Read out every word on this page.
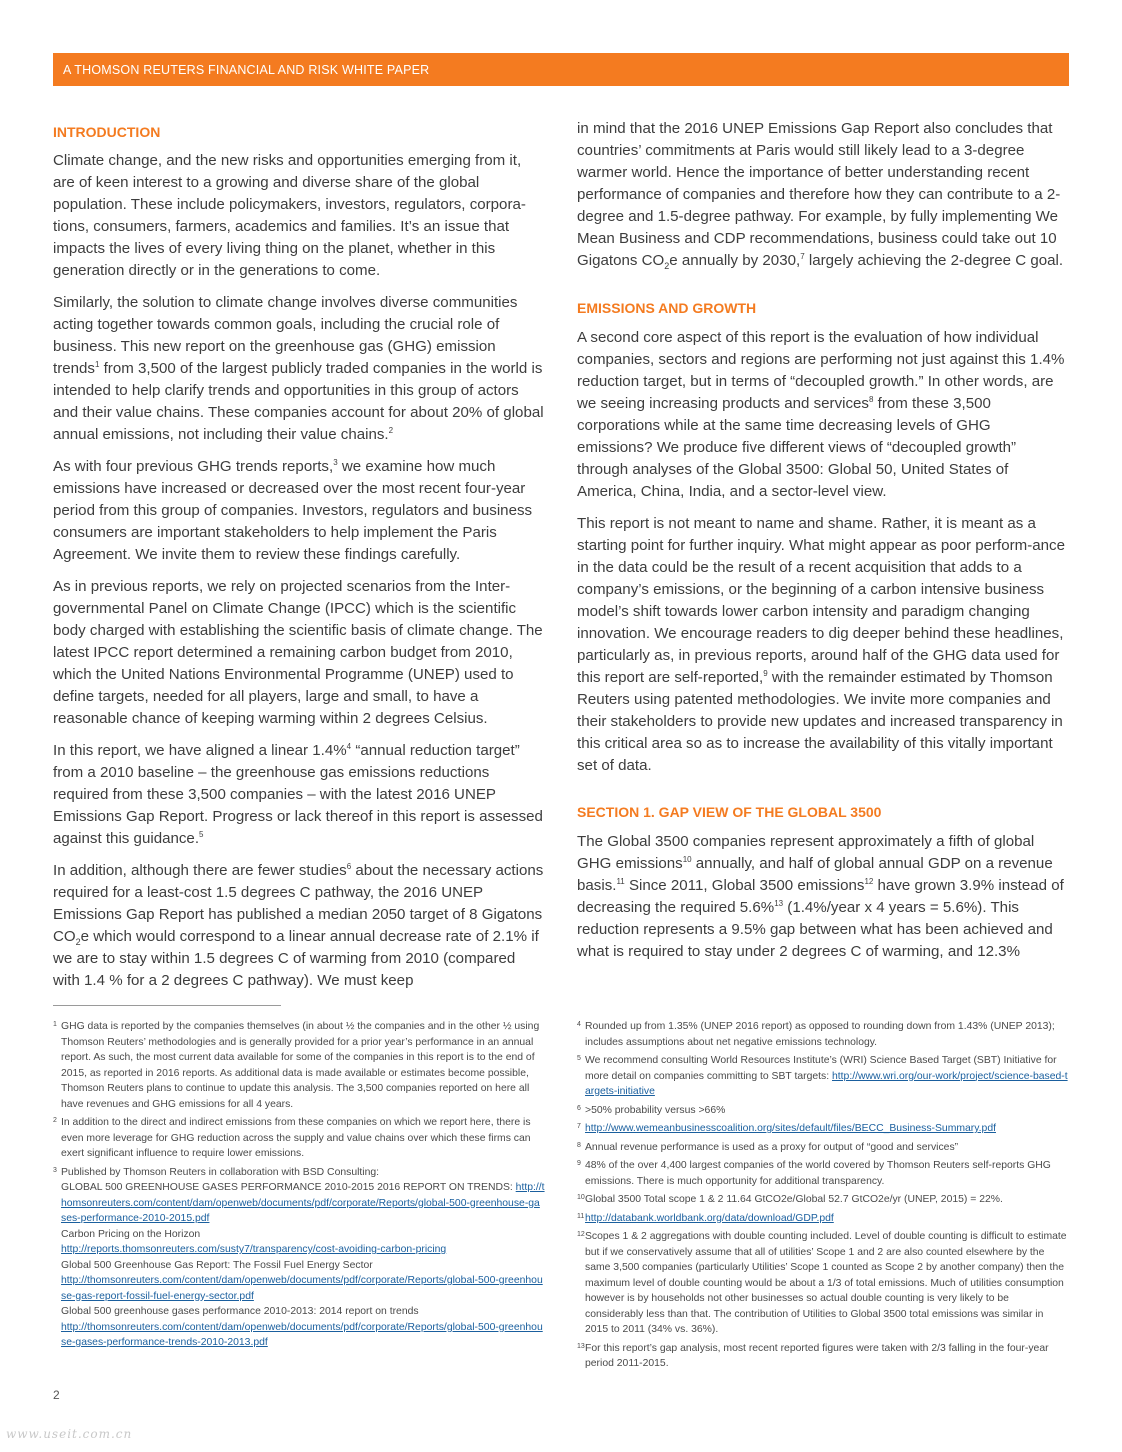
A THOMSON REUTERS FINANCIAL AND RISK WHITE PAPER
INTRODUCTION

Climate change, and the new risks and opportunities emerging from it, are of keen interest to a growing and diverse share of the global population. These include policymakers, investors, regulators, corpora-tions, consumers, farmers, academics and families. It’s an issue that impacts the lives of every living thing on the planet, whether in this generation directly or in the generations to come.

Similarly, the solution to climate change involves diverse communities acting together towards common goals, including the crucial role of business. This new report on the greenhouse gas (GHG) emission trends$^1$ from 3,500 of the largest publicly traded companies in the world is intended to help clarify trends and opportunities in this group of actors and their value chains. These companies account for about 20% of global annual emissions, not including their value chains.$^2$

As with four previous GHG trends reports,$^3$ we examine how much emissions have increased or decreased over the most recent four-year period from this group of companies. Investors, regulators and business consumers are important stakeholders to help implement the Paris Agreement. We invite them to review these findings carefully.

As in previous reports, we rely on projected scenarios from the Inter-governmental Panel on Climate Change (IPCC) which is the scientific body charged with establishing the scientific basis of climate change. The latest IPCC report determined a remaining carbon budget from 2010, which the United Nations Environmental Programme (UNEP) used to define targets, needed for all players, large and small, to have a reasonable chance of keeping warming within 2 degrees Celsius.

In this report, we have aligned a linear 1.4%$^4$ “annual reduction target” from a 2010 baseline – the greenhouse gas emissions reductions required from these 3,500 companies – with the latest 2016 UNEP Emissions Gap Report. Progress or lack thereof in this report is assessed against this guidance.$^5$

In addition, although there are fewer studies$^6$ about the necessary actions required for a least-cost 1.5 degrees C pathway, the 2016 UNEP Emissions Gap Report has published a median 2050 target of 8 Gigatons $CO_2e$ which would correspond to a linear annual decrease rate of 2.1% if we are to stay within 1.5 degrees C of warming from 2010 (compared with 1.4 % for a 2 degrees C pathway). We must keep

in mind that the 2016 UNEP Emissions Gap Report also concludes that countries’ commitments at Paris would still likely lead to a 3-degree warmer world. Hence the importance of better understanding recent performance of companies and therefore how they can contribute to a 2-degree and 1.5-degree pathway. For example, by fully implementing We Mean Business and CDP recommendations, business could take out 10 Gigatons $CO_2e$ annually by 2030,$^7$ largely achieving the 2-degree C goal.

EMISSIONS AND GROWTH

A second core aspect of this report is the evaluation of how individual companies, sectors and regions are performing not just against this 1.4% reduction target, but in terms of “decoupled growth.” In other words, are we seeing increasing products and services$^8$ from these 3,500 corporations while at the same time decreasing levels of GHG emissions? We produce five different views of “decoupled growth” through analyses of the Global 3500: Global 50, United States of America, China, India, and a sector-level view.

This report is not meant to name and shame. Rather, it is meant as a starting point for further inquiry. What might appear as poor perform-ance in the data could be the result of a recent acquisition that adds to a company’s emissions, or the beginning of a carbon intensive business model’s shift towards lower carbon intensity and paradigm changing innovation. We encourage readers to dig deeper behind these headlines, particularly as, in previous reports, around half of the GHG data used for this report are self-reported,$^9$ with the remainder estimated by Thomson Reuters using patented methodologies. We invite more companies and their stakeholders to provide new updates and increased transparency in this critical area so as to increase the availability of this vitally important set of data.

SECTION 1. GAP VIEW OF THE GLOBAL 3500

The Global 3500 companies represent approximately a fifth of global GHG emissions$^{10}$ annually, and half of global annual GDP on a revenue basis.$^{11}$ Since 2011, Global 3500 emissions$^{12}$ have grown 3.9% instead of decreasing the required 5.6%$^{13}$ (1.4%/year x 4 years = 5.6%). This reduction represents a 9.5% gap between what has been achieved and what is required to stay under 2 degrees C of warming, and 12.3%

1 GHG data is reported by the companies themselves (in about ½ the companies and in the other ½ using Thomson Reuters’ methodologies and is generally provided for a prior year’s performance in an annual report. As such, the most current data available for some of the companies in this report is to the end of 2015, as reported in 2016 reports. As additional data is made available or estimates become possible, Thomson Reuters plans to continue to update this analysis. The 3,500 companies reported on here all have revenues and GHG emissions for all 4 years.
2 In addition to the direct and indirect emissions from these companies on which we report here, there is even more leverage for GHG reduction across the supply and value chains over which these firms can exert significant influence to require lower emissions.
3 Published by Thomson Reuters in collaboration with BSD Consulting:
GLOBAL 500 GREENHOUSE GASES PERFORMANCE 2010-2015 2016 REPORT ON TRENDS: http://thomsonreuters.com/content/dam/openweb/documents/pdf/corporate/Reports/global-500-greenhouse-gases-performance-2010-2015.pdf
Carbon Pricing on the Horizon
http://reports.thomsonreuters.com/susty7/transparency/cost-avoiding-carbon-pricing
Global 500 Greenhouse Gas Report: The Fossil Fuel Energy Sector
http://thomsonreuters.com/content/dam/openweb/documents/pdf/corporate/Reports/global-500-greenhouse-gas-report-fossil-fuel-energy-sector.pdf
Global 500 greenhouse gases performance 2010-2013: 2014 report on trends
http://thomsonreuters.com/content/dam/openweb/documents/pdf/corporate/Reports/global-500-greenhouse-gases-performance-trends-2010-2013.pdf
4 Rounded up from 1.35% (UNEP 2016 report) as opposed to rounding down from 1.43% (UNEP 2013); includes assumptions about net negative emissions technology.
5 We recommend consulting World Resources Institute’s (WRI) Science Based Target (SBT) Initiative for more detail on companies committing to SBT targets: http://www.wri.org/our-work/project/science-based-targets-initiative
6 >50% probability versus >66%
7 http://www.wemeanbusinesscoalition.org/sites/default/files/BECC_Business-Summary.pdf
8 Annual revenue performance is used as a proxy for output of “good and services”
9 48% of the over 4,400 largest companies of the world covered by Thomson Reuters self-reports GHG emissions. There is much opportunity for additional transparency.
10 Global 3500 Total scope 1 & 2 11.64 GtCO2e/Global 52.7 GtCO2e/yr (UNEP, 2015) = 22%.
11 http://databank.worldbank.org/data/download/GDP.pdf
12 Scopes 1 & 2 aggregations with double counting included. Level of double counting is difficult to estimate but if we conservatively assume that all of utilities’ Scope 1 and 2 are also counted elsewhere by the same 3,500 companies (particularly Utilities’ Scope 1 counted as Scope 2 by another company) then the maximum level of double counting would be about a 1/3 of total emissions. Much of utilities consumption however is by households not other businesses so actual double counting is very likely to be considerably less than that. The contribution of Utilities to Global 3500 total emissions was similar in 2015 to 2011 (34% vs. 36%).
13 For this report’s gap analysis, most recent reported figures were taken with 2/3 falling in the four-year period 2011-2015.
2
www.useit.com.cn
